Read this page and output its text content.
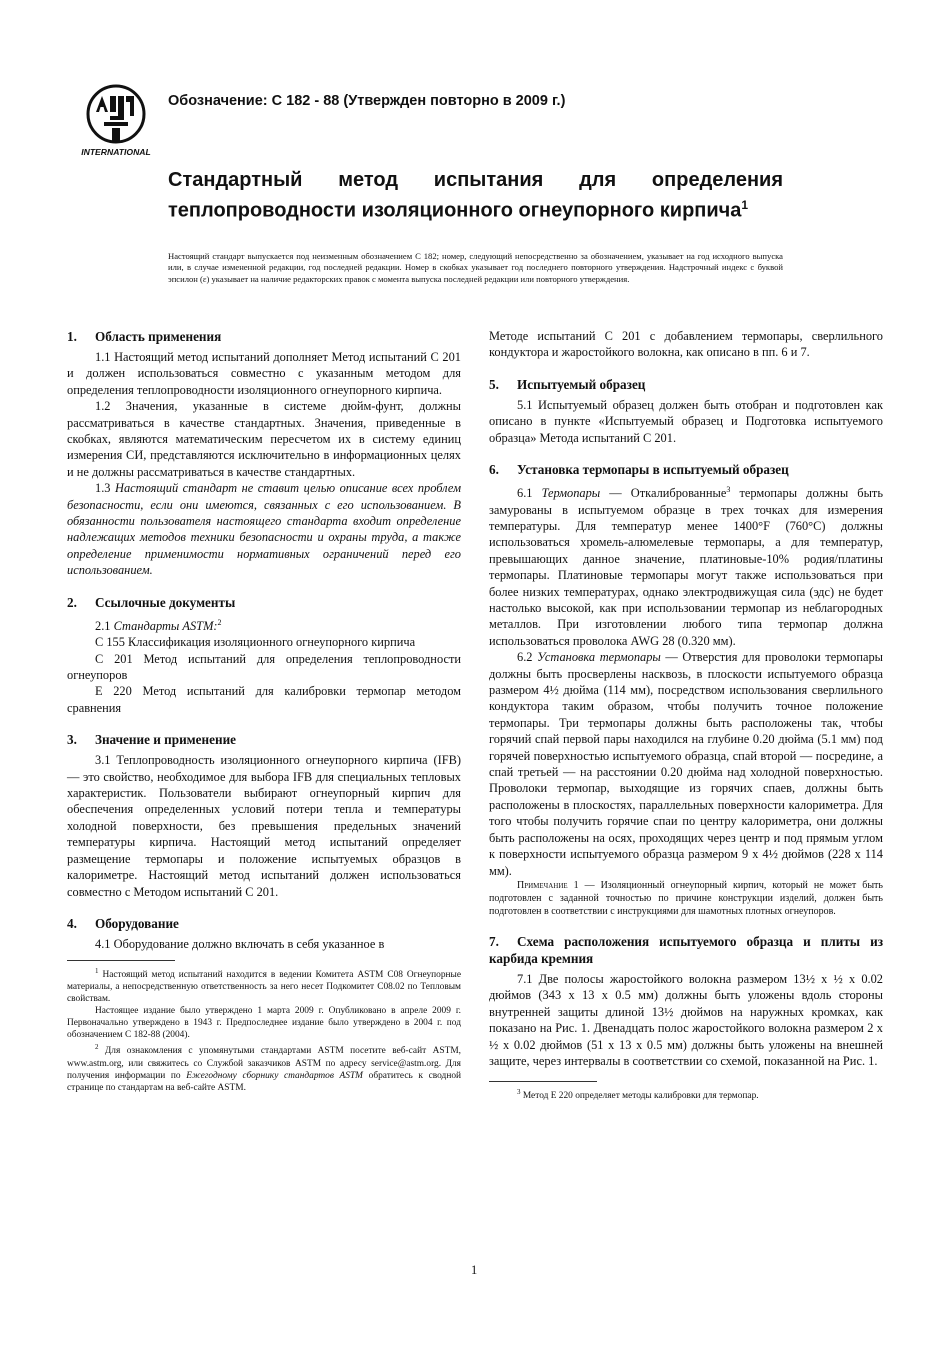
INTERNATIONAL
Обозначение: C 182 - 88 (Утвержден повторно в 2009 г.)
Стандартный метод испытания для определения теплопроводности изоляционного огнеупорного кирпича$^1$
Настоящий стандарт выпускается под неизменным обозначением C 182; номер, следующий непосредственно за обозначением, указывает на год исходного выпуска или, в случае измененной редакции, год последней редакции. Номер в скобках указывает год последнего повторного утверждения. Надстрочный индекс с буквой эпсилон (ε) указывает на наличие редакторских правок с момента выпуска последней редакции или повторного утверждения.
1. Область применения

1.1 Настоящий метод испытаний дополняет Метод испытаний C 201 и должен использоваться совместно с указанным методом для определения теплопроводности изоляционного огнеупорного кирпича.

1.2 Значения, указанные в системе дюйм-фунт, должны рассматриваться в качестве стандартных. Значения, приведенные в скобках, являются математическим пересчетом их в систему единиц измерения СИ, представляются исключительно в информационных целях и не должны рассматриваться в качестве стандартных.

1.3 Настоящий стандарт не ставит целью описание всех проблем безопасности, если они имеются, связанных с его использованием. В обязанности пользователя настоящего стандарта входит определение надлежащих методов техники безопасности и охраны труда, а также определение применимости нормативных ограничений перед его использованием.

2. Ссылочные документы

2.1 Стандарты ASTM:$^2$

C 155 Классификация изоляционного огнеупорного кирпича

C 201 Метод испытаний для определения теплопроводности огнеупоров

E 220 Метод испытаний для калибровки термопар методом сравнения

3. Значение и применение

3.1 Теплопроводность изоляционного огнеупорного кирпича (IFB) — это свойство, необходимое для выбора IFB для специальных тепловых характеристик. Пользователи выбирают огнеупорный кирпич для обеспечения определенных условий потери тепла и температуры холодной поверхности, без превышения предельных значений температуры кирпича. Настоящий метод испытаний определяет размещение термопары и положение испытуемых образцов в калориметре. Настоящий метод испытаний должен использоваться совместно с Методом испытаний C 201.

4. Оборудование

4.1 Оборудование должно включать в себя указанное в

$^1$ Настоящий метод испытаний находится в ведении Комитета ASTM C08 Огнеупорные материалы, а непосредственную ответственность за него несет Подкомитет C08.02 по Тепловым свойствам.

Настоящее издание было утверждено 1 марта 2009 г. Опубликовано в апреле 2009 г. Первоначально утверждено в 1943 г. Предпоследнее издание было утверждено в 2004 г. под обозначением C 182-88 (2004).

$^2$ Для ознакомления с упомянутыми стандартами ASTM посетите веб-сайт ASTM, www.astm.org, или свяжитесь со Службой заказчиков ASTM по адресу service@astm.org. Для получения информации по Ежегодному сборнику стандартов ASTM обратитесь к сводной странице по стандартам на веб-сайте ASTM.

Методе испытаний C 201 с добавлением термопары, сверлильного кондуктора и жаростойкого волокна, как описано в пп. 6 и 7.

5. Испытуемый образец

5.1 Испытуемый образец должен быть отобран и подготовлен как описано в пункте «Испытуемый образец и Подготовка испытуемого образца» Метода испытаний C 201.

6. Установка термопары в испытуемый образец

6.1 Термопары — Откалиброванные$^3$ термопары должны быть замурованы в испытуемом образце в трех точках для измерения температуры. Для температур менее 1400°F (760°C) должны использоваться хромель-алюмелевые термопары, а для температур, превышающих данное значение, платиновые-10% родия/платины термопары. Платиновые термопары могут также использоваться при более низких температурах, однако электродвижущая сила (эдс) не будет настолько высокой, как при использовании термопар из неблагородных металлов. При изготовлении любого типа термопар должна использоваться проволока AWG 28 (0.320 мм).

6.2 Установка термопары — Отверстия для проволоки термопары должны быть просверлены насквозь, в плоскости испытуемого образца размером 4½ дюйма (114 мм), посредством использования сверлильного кондуктора таким образом, чтобы получить точное положение термопары. Три термопары должны быть расположены так, чтобы горячий спай первой пары находился на глубине 0.20 дюйма (5.1 мм) под горячей поверхностью испытуемого образца, спай второй — посредине, а спай третьей — на расстоянии 0.20 дюйма над холодной поверхностью. Проволоки термопар, выходящие из горячих спаев, должны быть расположены в плоскостях, параллельных поверхности калориметра. Для того чтобы получить горячие спаи по центру калориметра, они должны быть расположены на осях, проходящих через центр и под прямым углом к поверхности испытуемого образца размером 9 x 4½ дюймов (228 x 114 мм).

Примечание 1 — Изоляционный огнеупорный кирпич, который не может быть подготовлен с заданной точностью по причине конструкции изделий, должен быть подготовлен в соответствии с инструкциями для шамотных плотных огнеупоров.

7. Схема расположения испытуемого образца и плиты из карбида кремния

7.1 Две полосы жаростойкого волокна размером 13½ x ½ x 0.02 дюймов (343 x 13 x 0.5 мм) должны быть уложены вдоль стороны внутренней защиты длиной 13½ дюймов на наружных кромках, как показано на Рис. 1. Двенадцать полос жаростойкого волокна размером 2 x ½ x 0.02 дюймов (51 x 13 x 0.5 мм) должны быть уложены на внешней защите, через интервалы в соответствии со схемой, показанной на Рис. 1.

$^3$ Метод E 220 определяет методы калибровки для термопар.

1
